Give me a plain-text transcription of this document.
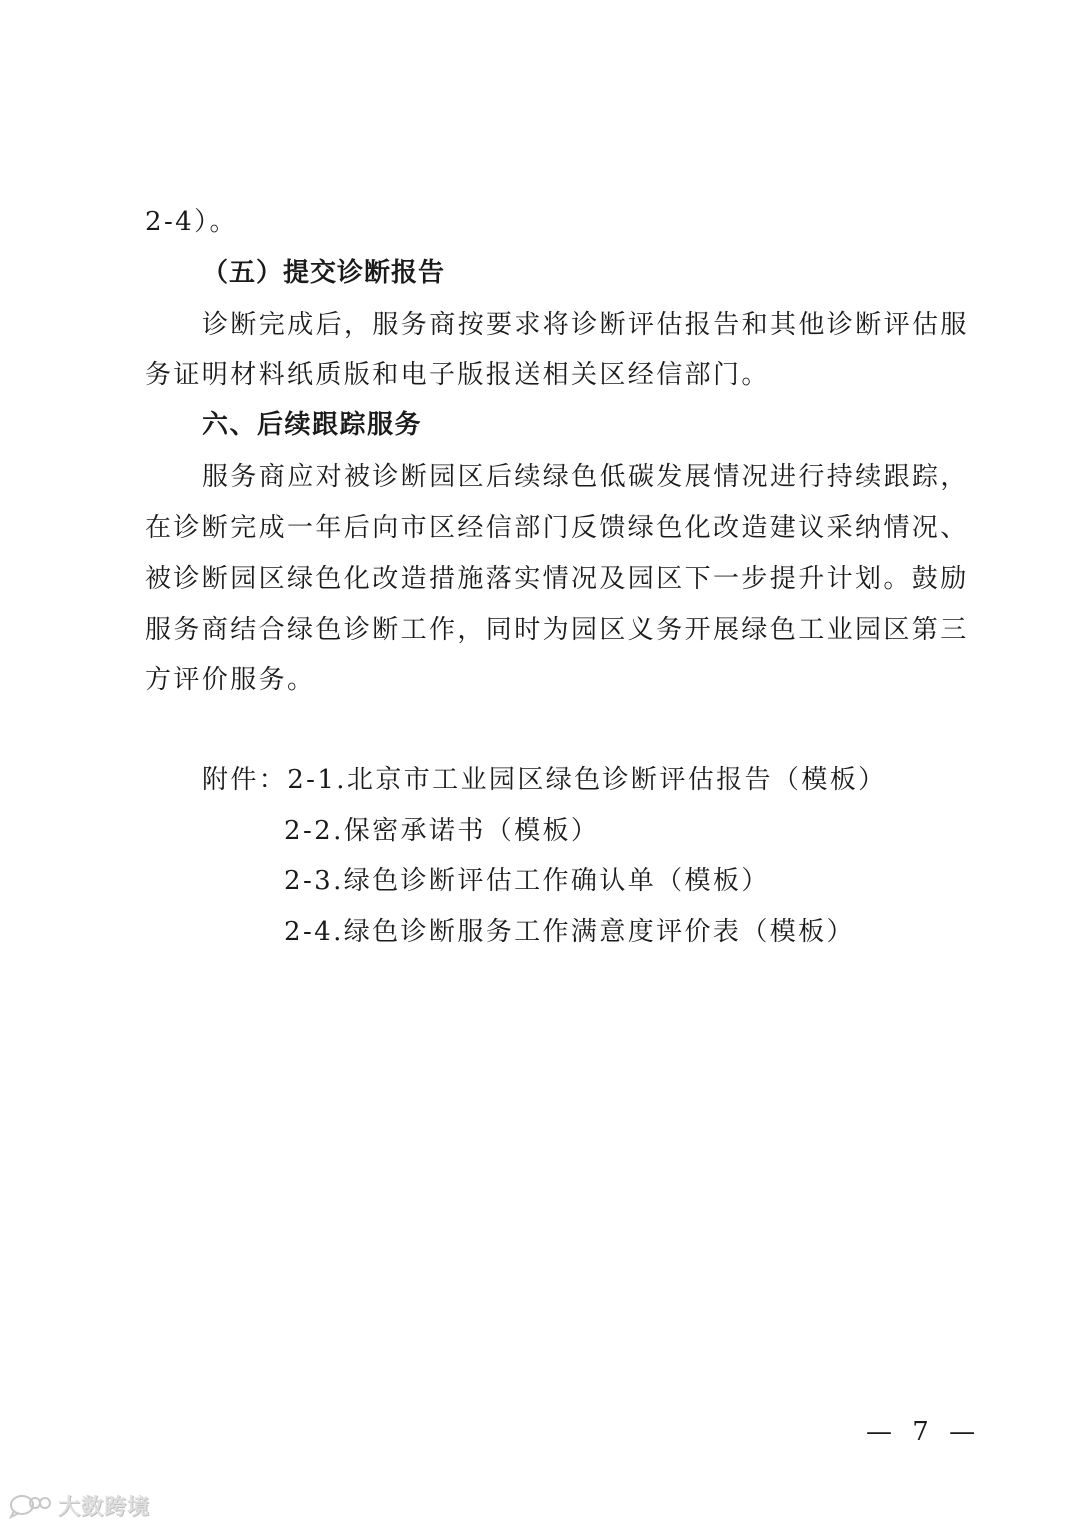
2-4）。
（五）提交诊断报告
诊断完成后，服务商按要求将诊断评估报告和其他诊断评估服
务证明材料纸质版和电子版报送相关区经信部门。
六、后续跟踪服务
服务商应对被诊断园区后续绿色低碳发展情况进行持续跟踪，
在诊断完成一年后向市区经信部门反馈绿色化改造建议采纳情况、
被诊断园区绿色化改造措施落实情况及园区下一步提升计划。鼓励
服务商结合绿色诊断工作，同时为园区义务开展绿色工业园区第三
方评价服务。
附件：2-1.北京市工业园区绿色诊断评估报告（模板）
2-2.保密承诺书（模板）
2-3.绿色诊断评估工作确认单（模板）
2-4.绿色诊断服务工作满意度评价表（模板）
— 7 —
大数跨境
